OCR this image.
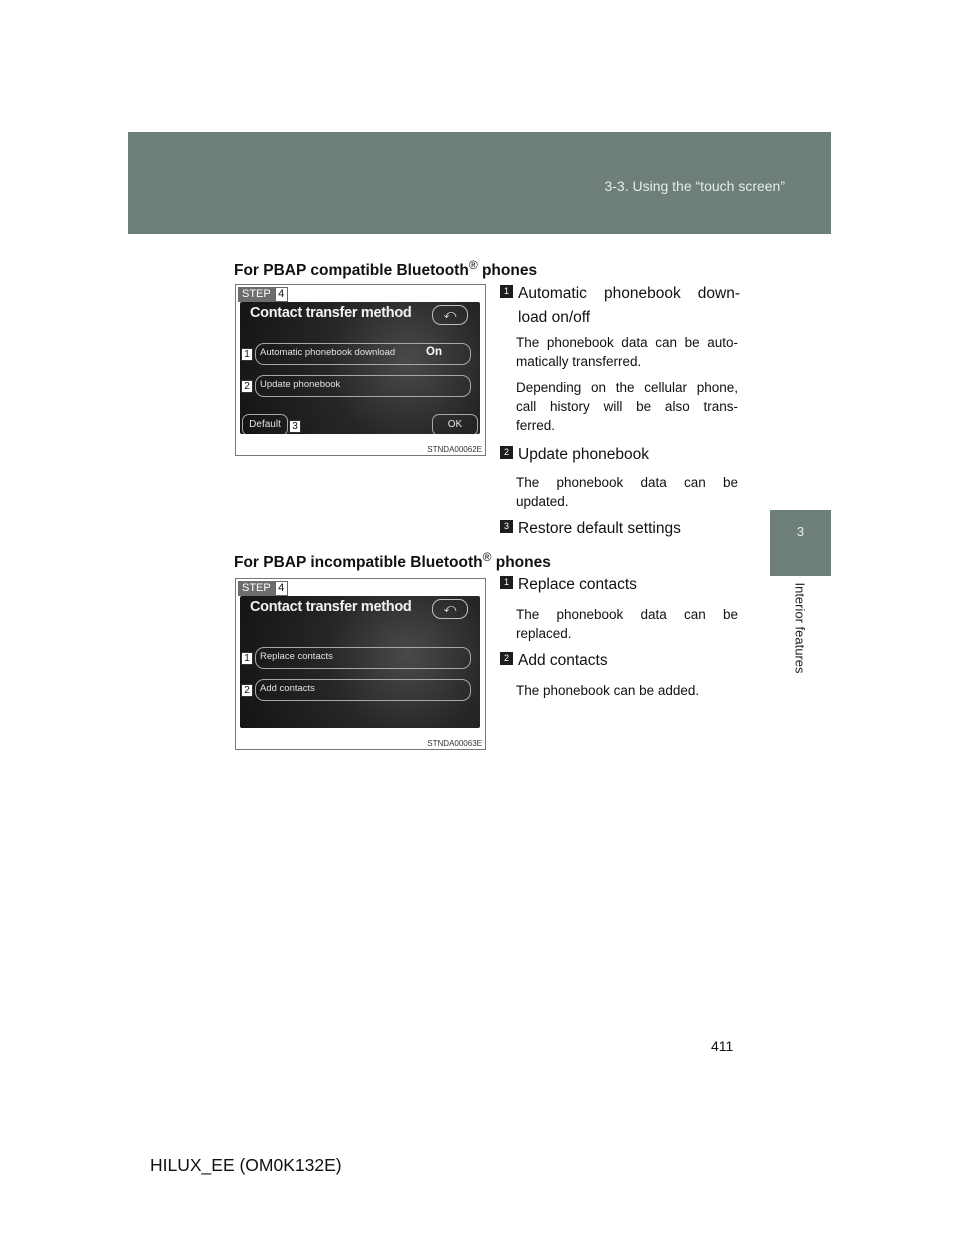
3-3. Using the “touch screen”
3
Interior features
For PBAP compatible Bluetooth® phones
STEP 4
Contact transfer method	⤺
Automatic phonebook download	On
Update phonebook
Default	OK
1
2
3
STNDA00062E
1 Automatic phonebook down-
load on/off
The phonebook data can be auto-
matically transferred.
Depending on the cellular phone,
call history will be also trans-
ferred.
2 Update phonebook
The phonebook data can be
updated.
3 Restore default settings
For PBAP incompatible Bluetooth® phones
STEP 4
Contact transfer method	⤺
Replace contacts
Add contacts
1
2
STNDA00063E
1 Replace contacts
The phonebook data can be
replaced.
2 Add contacts
The phonebook can be added.
411
HILUX_EE (OM0K132E)
